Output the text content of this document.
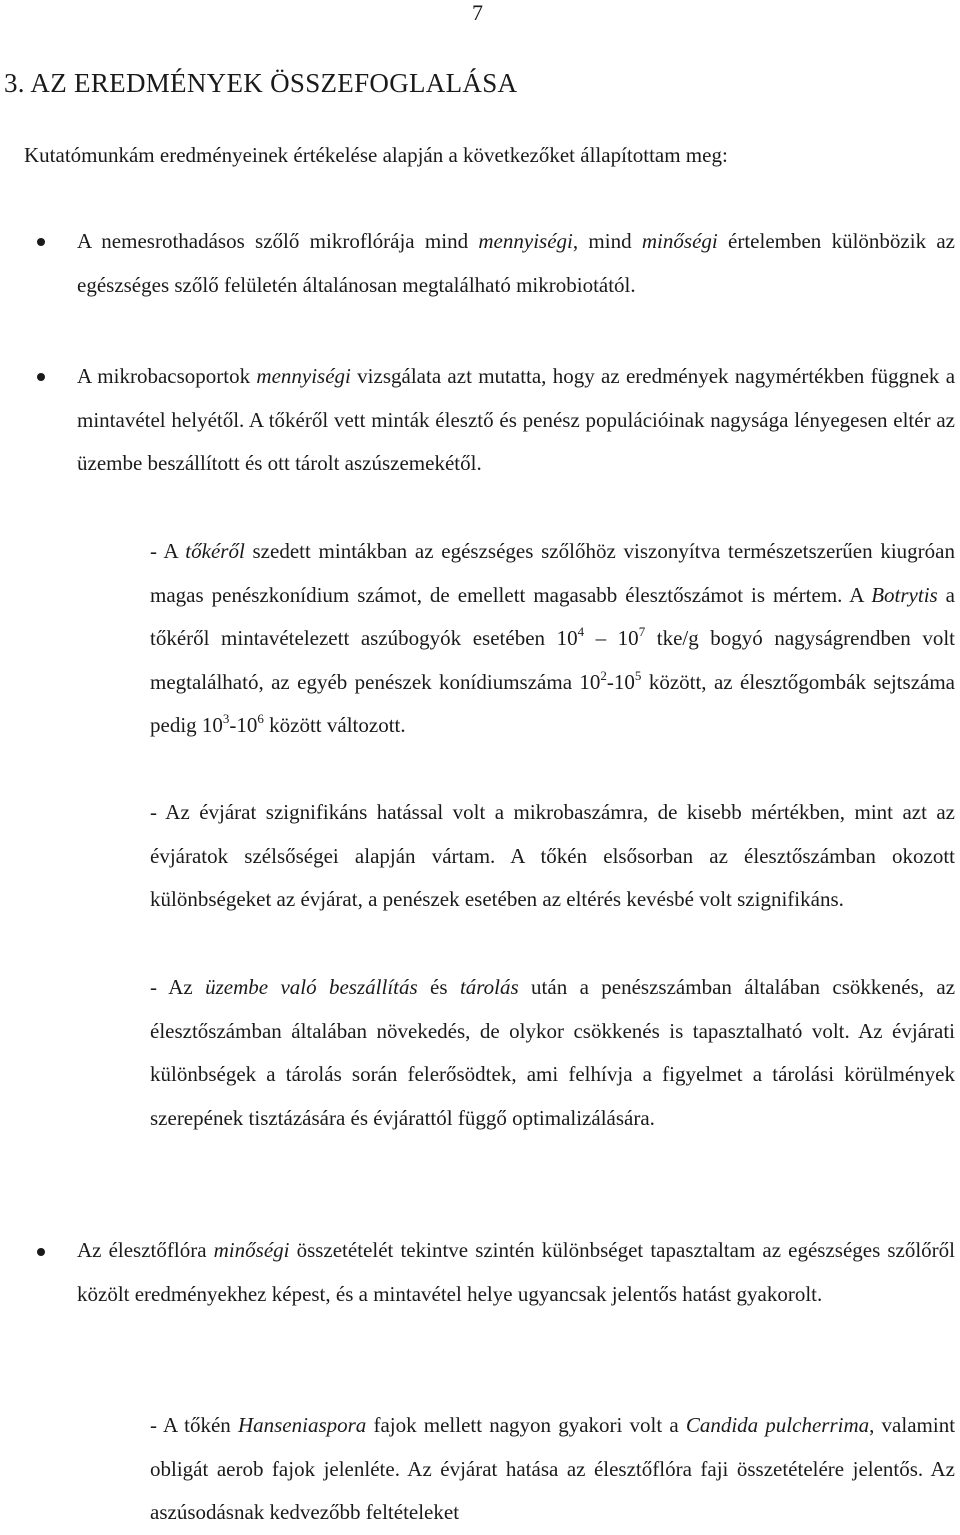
7
3. AZ EREDMÉNYEK ÖSSZEFOGLALÁSA
Kutatómunkám eredményeinek értékelése alapján a következőket állapítottam meg:
A nemesrothadásos szőlő mikroflórája mind mennyiségi, mind minőségi értelemben különbözik az egészséges szőlő felületén általánosan megtalálható mikrobiotától.
A mikrobacsoportok mennyiségi vizsgálata azt mutatta, hogy az eredmények nagymértékben függnek a mintavétel helyétől. A tőkéről vett minták élesztő és penész populációinak nagysága lényegesen eltér az üzembe beszállított és ott tárolt aszúszemekétől.
- A tőkéről szedett mintákban az egészséges szőlőhöz viszonyítva természetszerűen kiugróan magas penészkonídium számot, de emellett magasabb élesztőszámot is mértem. A Botrytis a tőkéről mintavételezett aszúbogyók esetében $10^4 - 10^7$ tke/g bogyó nagyságrendben volt megtalálható, az egyéb penészek konídiumszáma $10^2-10^5$ között, az élesztőgombák sejtszáma pedig $10^3-10^6$ között változott.
- Az évjárat szignifikáns hatással volt a mikrobaszámra, de kisebb mértékben, mint azt az évjáratok szélsőségei alapján vártam. A tőkén elsősorban az élesztőszámban okozott különbségeket az évjárat, a penészek esetében az eltérés kevésbé volt szignifikáns.
- Az üzembe való beszállítás és tárolás után a penészszámban általában csökkenés, az élesztőszámban általában növekedés, de olykor csökkenés is tapasztalható volt. Az évjárati különbségek a tárolás során felerősödtek, ami felhívja a figyelmet a tárolási körülmények szerepének tisztázására és évjárattól függő optimalizálására.
Az élesztőflóra minőségi összetételét tekintve szintén különbséget tapasztaltam az egészséges szőlőről közölt eredményekhez képest, és a mintavétel helye ugyancsak jelentős hatást gyakorolt.
- A tőkén Hanseniaspora fajok mellett nagyon gyakori volt a Candida pulcherrima, valamint obligát aerob fajok jelenléte. Az évjárat hatása az élesztőflóra faji összetételére jelentős. Az aszúsodásnak kedvezőbb feltételeket
